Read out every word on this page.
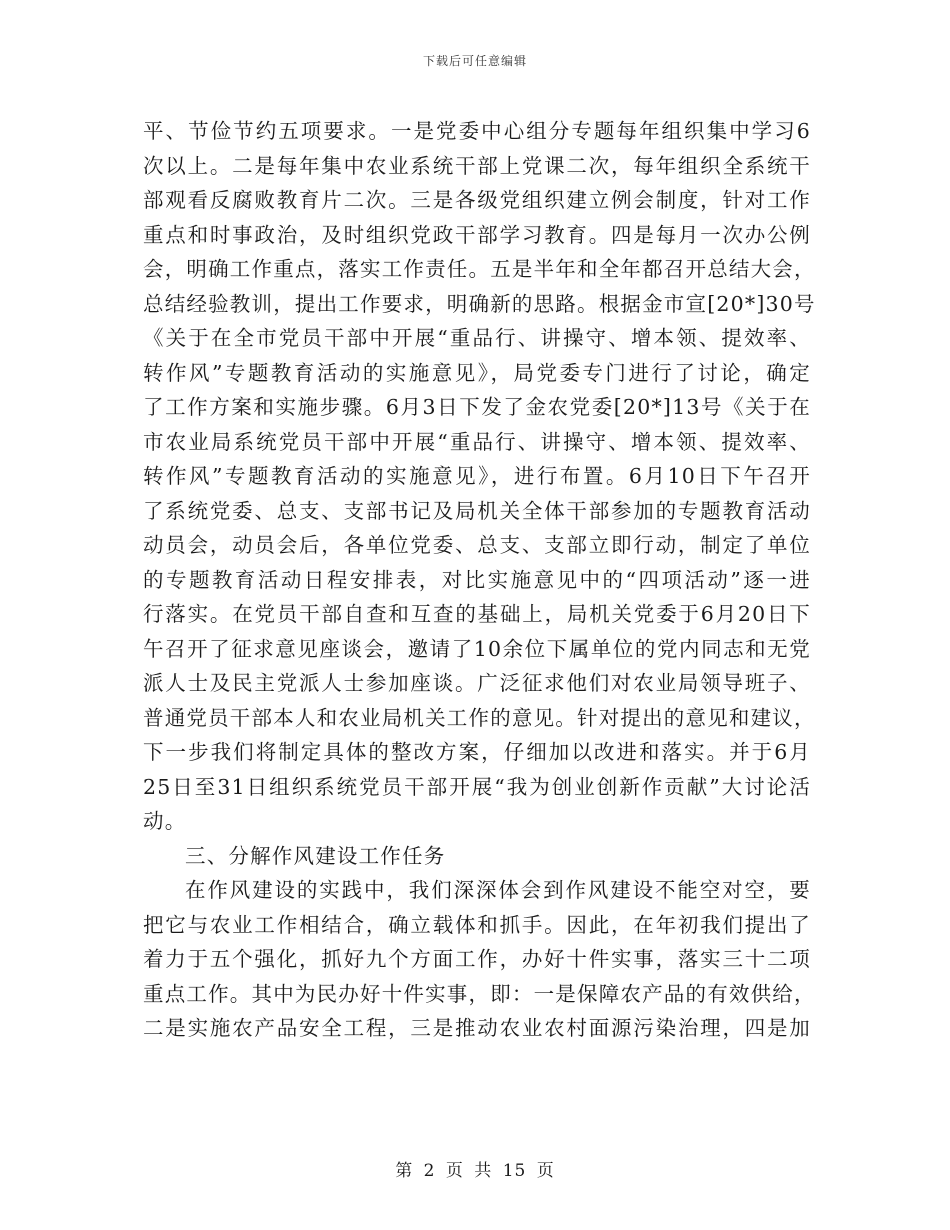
下载后可任意编辑
平、节俭节约五项要求。一是党委中心组分专题每年组织集中学习6
次以上。二是每年集中农业系统干部上党课二次，每年组织全系统干
部观看反腐败教育片二次。三是各级党组织建立例会制度，针对工作
重点和时事政治，及时组织党政干部学习教育。四是每月一次办公例
会，明确工作重点，落实工作责任。五是半年和全年都召开总结大会，
总结经验教训，提出工作要求，明确新的思路。根据金市宣[20*]30号
《关于在全市党员干部中开展“重品行、讲操守、增本领、提效率、
转作风”专题教育活动的实施意见》，局党委专门进行了讨论，确定
了工作方案和实施步骤。6月3日下发了金农党委[20*]13号《关于在
市农业局系统党员干部中开展“重品行、讲操守、增本领、提效率、
转作风”专题教育活动的实施意见》，进行布置。6月10日下午召开
了系统党委、总支、支部书记及局机关全体干部参加的专题教育活动
动员会，动员会后，各单位党委、总支、支部立即行动，制定了单位
的专题教育活动日程安排表，对比实施意见中的“四项活动”逐一进
行落实。在党员干部自查和互查的基础上，局机关党委于6月20日下
午召开了征求意见座谈会，邀请了10余位下属单位的党内同志和无党
派人士及民主党派人士参加座谈。广泛征求他们对农业局领导班子、
普通党员干部本人和农业局机关工作的意见。针对提出的意见和建议，
下一步我们将制定具体的整改方案，仔细加以改进和落实。并于6月
25日至31日组织系统党员干部开展“我为创业创新作贡献”大讨论活
动。
三、分解作风建设工作任务
在作风建设的实践中，我们深深体会到作风建设不能空对空，要
把它与农业工作相结合，确立载体和抓手。因此，在年初我们提出了
着力于五个强化，抓好九个方面工作，办好十件实事，落实三十二项
重点工作。其中为民办好十件实事，即：一是保障农产品的有效供给，
二是实施农产品安全工程，三是推动农业农村面源污染治理，四是加
第 2 页 共 15 页
